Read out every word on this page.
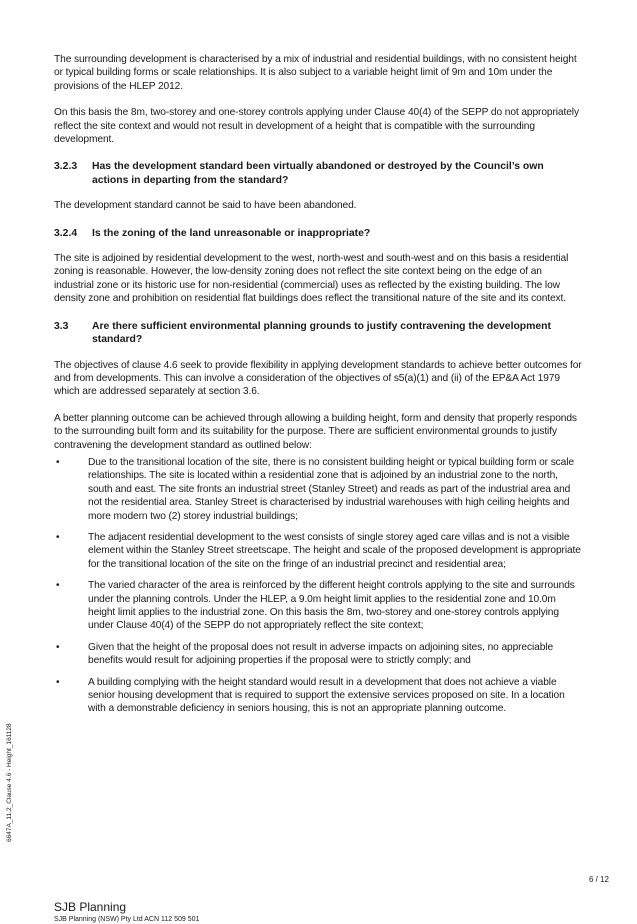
The surrounding development is characterised by a mix of industrial and residential buildings, with no consistent height or typical building forms or scale relationships. It is also subject to a variable height limit of 9m and 10m under the provisions of the HLEP 2012.

On this basis the 8m, two-storey and one-storey controls applying under Clause 40(4) of the SEPP do not appropriately reflect the site context and would not result in development of a height that is compatible with the surrounding development.

3.2.3	Has the development standard been virtually abandoned or destroyed by the Council’s own actions in departing from the standard?

The development standard cannot be said to have been abandoned.

3.2.4	Is the zoning of the land unreasonable or inappropriate?

The site is adjoined by residential development to the west, north-west and south-west and on this basis a residential zoning is reasonable. However, the low-density zoning does not reflect the site context being on the edge of an industrial zone or its historic use for non-residential (commercial) uses as reflected by the existing building. The low density zone and prohibition on residential flat buildings does reflect the transitional nature of the site and its context.

3.3	Are there sufficient environmental planning grounds to justify contravening the development standard?

The objectives of clause 4.6 seek to provide flexibility in applying development standards to achieve better outcomes for and from developments. This can involve a consideration of the objectives of s5(a)(1) and (ii) of the EP&A Act 1979 which are addressed separately at section 3.6.

A better planning outcome can be achieved through allowing a building height, form and density that properly responds to the surrounding built form and its suitability for the purpose. There are sufficient environmental grounds to justify contravening the development standard as outlined below:

•	Due to the transitional location of the site, there is no consistent building height or typical building form or scale relationships. The site is located within a residential zone that is adjoined by an industrial zone to the north, south and east. The site fronts an industrial street (Stanley Street) and reads as part of the industrial area and not the residential area. Stanley Street is characterised by industrial warehouses with high ceiling heights and more modern two (2) storey industrial buildings;

•	The adjacent residential development to the west consists of single storey aged care villas and is not a visible element within the Stanley Street streetscape. The height and scale of the proposed development is appropriate for the transitional location of the site on the fringe of an industrial precinct and residential area;

•	The varied character of the area is reinforced by the different height controls applying to the site and surrounds under the planning controls. Under the HLEP, a 9.0m height limit applies to the residential zone and 10.0m height limit applies to the industrial zone. On this basis the 8m, two-storey and one-storey controls applying under Clause 40(4) of the SEPP do not appropriately reflect the site context;

•	Given that the height of the proposal does not result in adverse impacts on adjoining sites, no appreciable benefits would result for adjoining properties if the proposal were to strictly comply; and

•	A building complying with the height standard would result in a development that does not achieve a viable senior housing development that is required to support the extensive services proposed on site. In a location with a demonstrable deficiency in seniors housing, this is not an appropriate planning outcome.

6647A_11.2_Clause 4.6 - Height_161128
6 / 12
SJB Planning
SJB Planning (NSW) Pty Ltd ACN 112 509 501
